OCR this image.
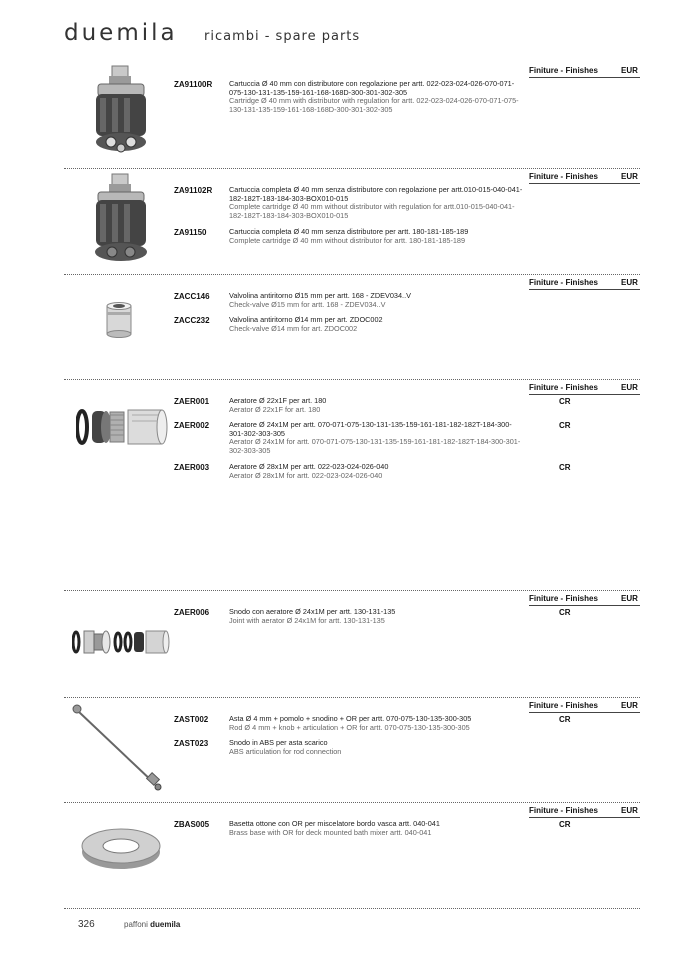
duemila ricambi - spare parts
Finiture - Finishes	EUR
ZA91100R Cartuccia Ø 40 mm con distributore con regolazione per artt. 022-023-024-026-070-071-075-130-131-135-159-161-168-168D-300-301-302-305
Cartridge Ø 40 mm with distributor with regulation for artt. 022-023-024-026-070-071-075-130-131-135-159-161-168-168D-300-301-302-305
Finiture - Finishes	EUR
ZA91102R Cartuccia completa Ø 40 mm senza distributore con regolazione per artt.010-015-040-041-182-182T-183-184-303-BOX010-015
Complete cartridge Ø 40 mm without distributor with regulation for artt.010-015-040-041-182-182T-183-184-303-BOX010-015
ZA91150	Cartuccia completa Ø 40 mm senza distributore per artt. 180-181-185-189
Complete cartridge Ø 40 mm without distributor for artt. 180-181-185-189
Finiture - Finishes	EUR
ZACC146	Valvolina antiritorno Ø15 mm per artt. 168 - ZDEV034..V
Check-valve Ø15 mm for artt. 168 - ZDEV034..V
ZACC232	Valvolina antiritorno Ø14 mm per art. ZDOC002
Check-valve Ø14 mm for art. ZDOC002
Finiture - Finishes	EUR
ZAER001	Aeratore Ø 22x1F per art. 180
Aerator Ø 22x1F for art. 180
CR
ZAER002	Aeratore Ø 24x1M per artt. 070-071-075-130-131-135-159-161-181-182-182T-184-300-301-302-303-305
Aerator Ø 24x1M for artt. 070-071-075-130-131-135-159-161-181-182-182T-184-300-301-302-303-305
CR
ZAER003	Aeratore Ø 28x1M per artt. 022-023-024-026-040
Aerator Ø 28x1M for artt. 022-023-024-026-040
CR
Finiture - Finishes	EUR
ZAER006	Snodo con aeratore Ø 24x1M per artt. 130-131-135
Joint with aerator Ø 24x1M for artt. 130-131-135
CR
Finiture - Finishes	EUR
ZAST002	Asta Ø 4 mm + pomolo + snodino + OR per artt. 070-075-130-135-300-305
Rod Ø 4 mm + knob + articulation + OR for artt. 070-075-130-135-300-305
CR
ZAST023	Snodo in ABS per asta scarico
ABS articulation for rod connection
Finiture - Finishes	EUR
ZBAS005	Basetta ottone con OR per miscelatore bordo vasca artt. 040-041
Brass base with OR for deck mounted bath mixer artt. 040-041
CR
326	paffoni duemila
